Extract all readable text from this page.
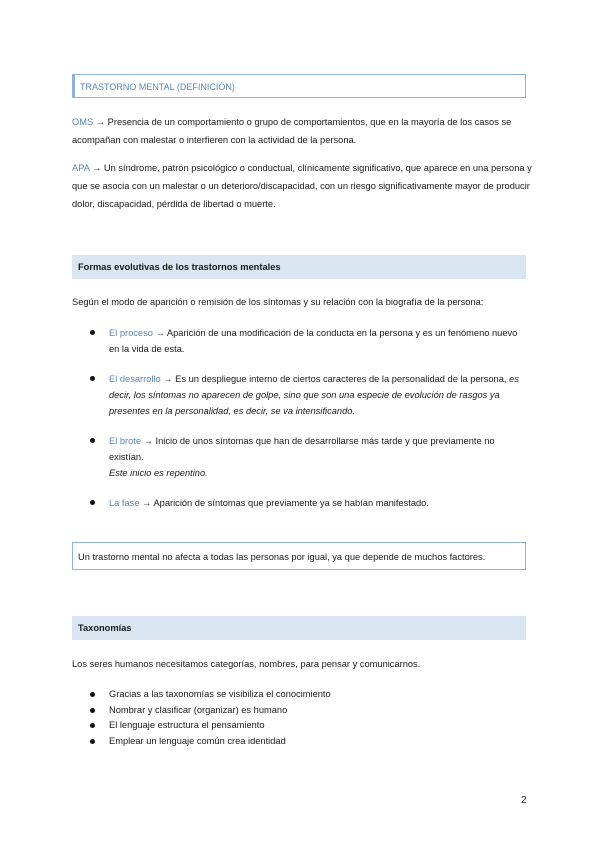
TRASTORNO MENTAL (DEFINICIÓN)

OMS → Presencia de un comportamiento o grupo de comportamientos, que en la mayoría de los casos se acompañan con malestar o interfieren con la actividad de la persona.

APA → Un síndrome, patrón psicológico o conductual, clínicamente significativo, que aparece en una persona y que se asocia con un malestar o un deterioro/discapacidad, con un riesgo significativamente mayor de producir dolor, discapacidad, pérdida de libertad o muerte.

Formas evolutivas de los trastornos mentales

Según el modo de aparición o remisión de los síntomas y su relación con la biografía de la persona:

El proceso → Aparición de una modificación de la conducta en la persona y es un fenómeno nuevo en la vida de esta.
El desarrollo → Es un despliegue interno de ciertos caracteres de la personalidad de la persona, es decir, los síntomas no aparecen de golpe, sino que son una especie de evolución de rasgos ya presentes en la personalidad, es decir, se va intensificando.
El brote → Inicio de unos síntomas que han de desarrollarse más tarde y que previamente no existían.
Este inicio es repentino.
La fase → Aparición de síntomas que previamente ya se habían manifestado.
Un trastorno mental no afecta a todas las personas por igual, ya que depende de muchos factores.
Taxonomías

Los seres humanos necesitamos categorías, nombres, para pensar y comunicarnos.

Gracias a las taxonomías se visibiliza el conocimiento
Nombrar y clasificar (organizar) es humano
El lenguaje estructura el pensamiento
Emplear un lenguaje común crea identidad
2
